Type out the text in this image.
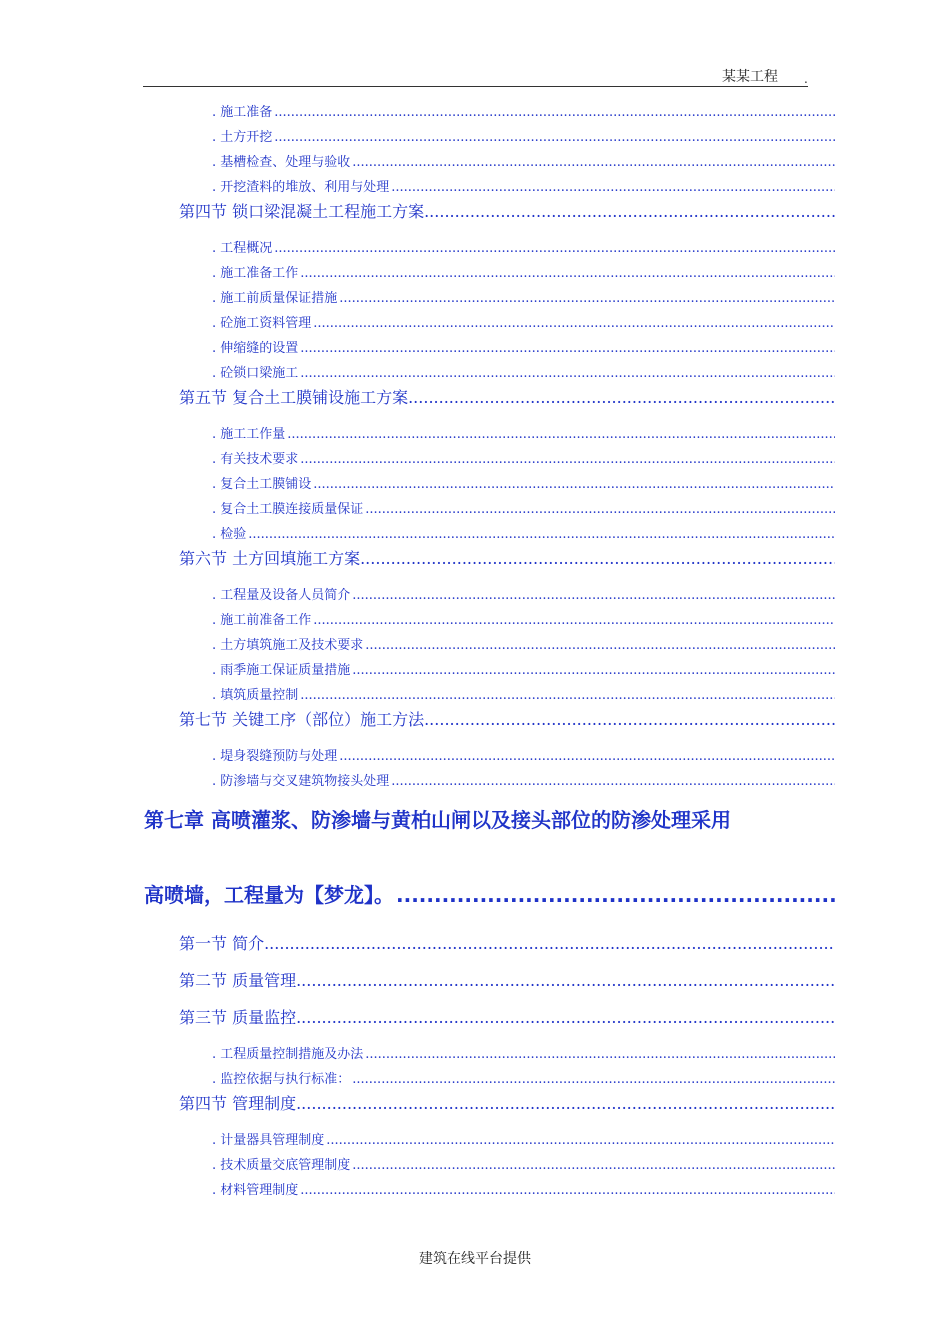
某某工程 .
. 施工准备
.....
. 土方开挖
.....
. 基槽检查、处理与验收
.....
. 开挖渣料的堆放、利用与处理
.....
第四节 锁口梁混凝土工程施工方案
.....
. 工程概况
.....
. 施工准备工作
.....
. 施工前质量保证措施
.....
. 砼施工资料管理
.....
. 伸缩缝的设置
.....
. 砼锁口梁施工
.....
第五节 复合土工膜铺设施工方案
.....
. 施工工作量
.....
. 有关技术要求
.....
. 复合土工膜铺设
.....
. 复合土工膜连接质量保证
.....
. 检验
.....
第六节 土方回填施工方案
.....
. 工程量及设备人员简介
.....
. 施工前准备工作
.....
. 土方填筑施工及技术要求
.....
. 雨季施工保证质量措施
.....
. 填筑质量控制
.....
第七节 关键工序（部位）施工方法
.....
. 堤身裂缝预防与处理
.....
. 防渗墙与交叉建筑物接头处理
.....
第七章 高喷灌浆、防渗墙与黄柏山闸以及接头部位的防渗处理采用
高喷墙，工程量为【梦龙】。
.....
第一节 简介
.....
第二节 质量管理
.....
第三节 质量监控
.....
. 工程质量控制措施及办法
.....
. 监控依据与执行标准：
.....
第四节 管理制度
.....
. 计量器具管理制度
.....
. 技术质量交底管理制度
.....
. 材料管理制度
.....
建筑在线平台提供
